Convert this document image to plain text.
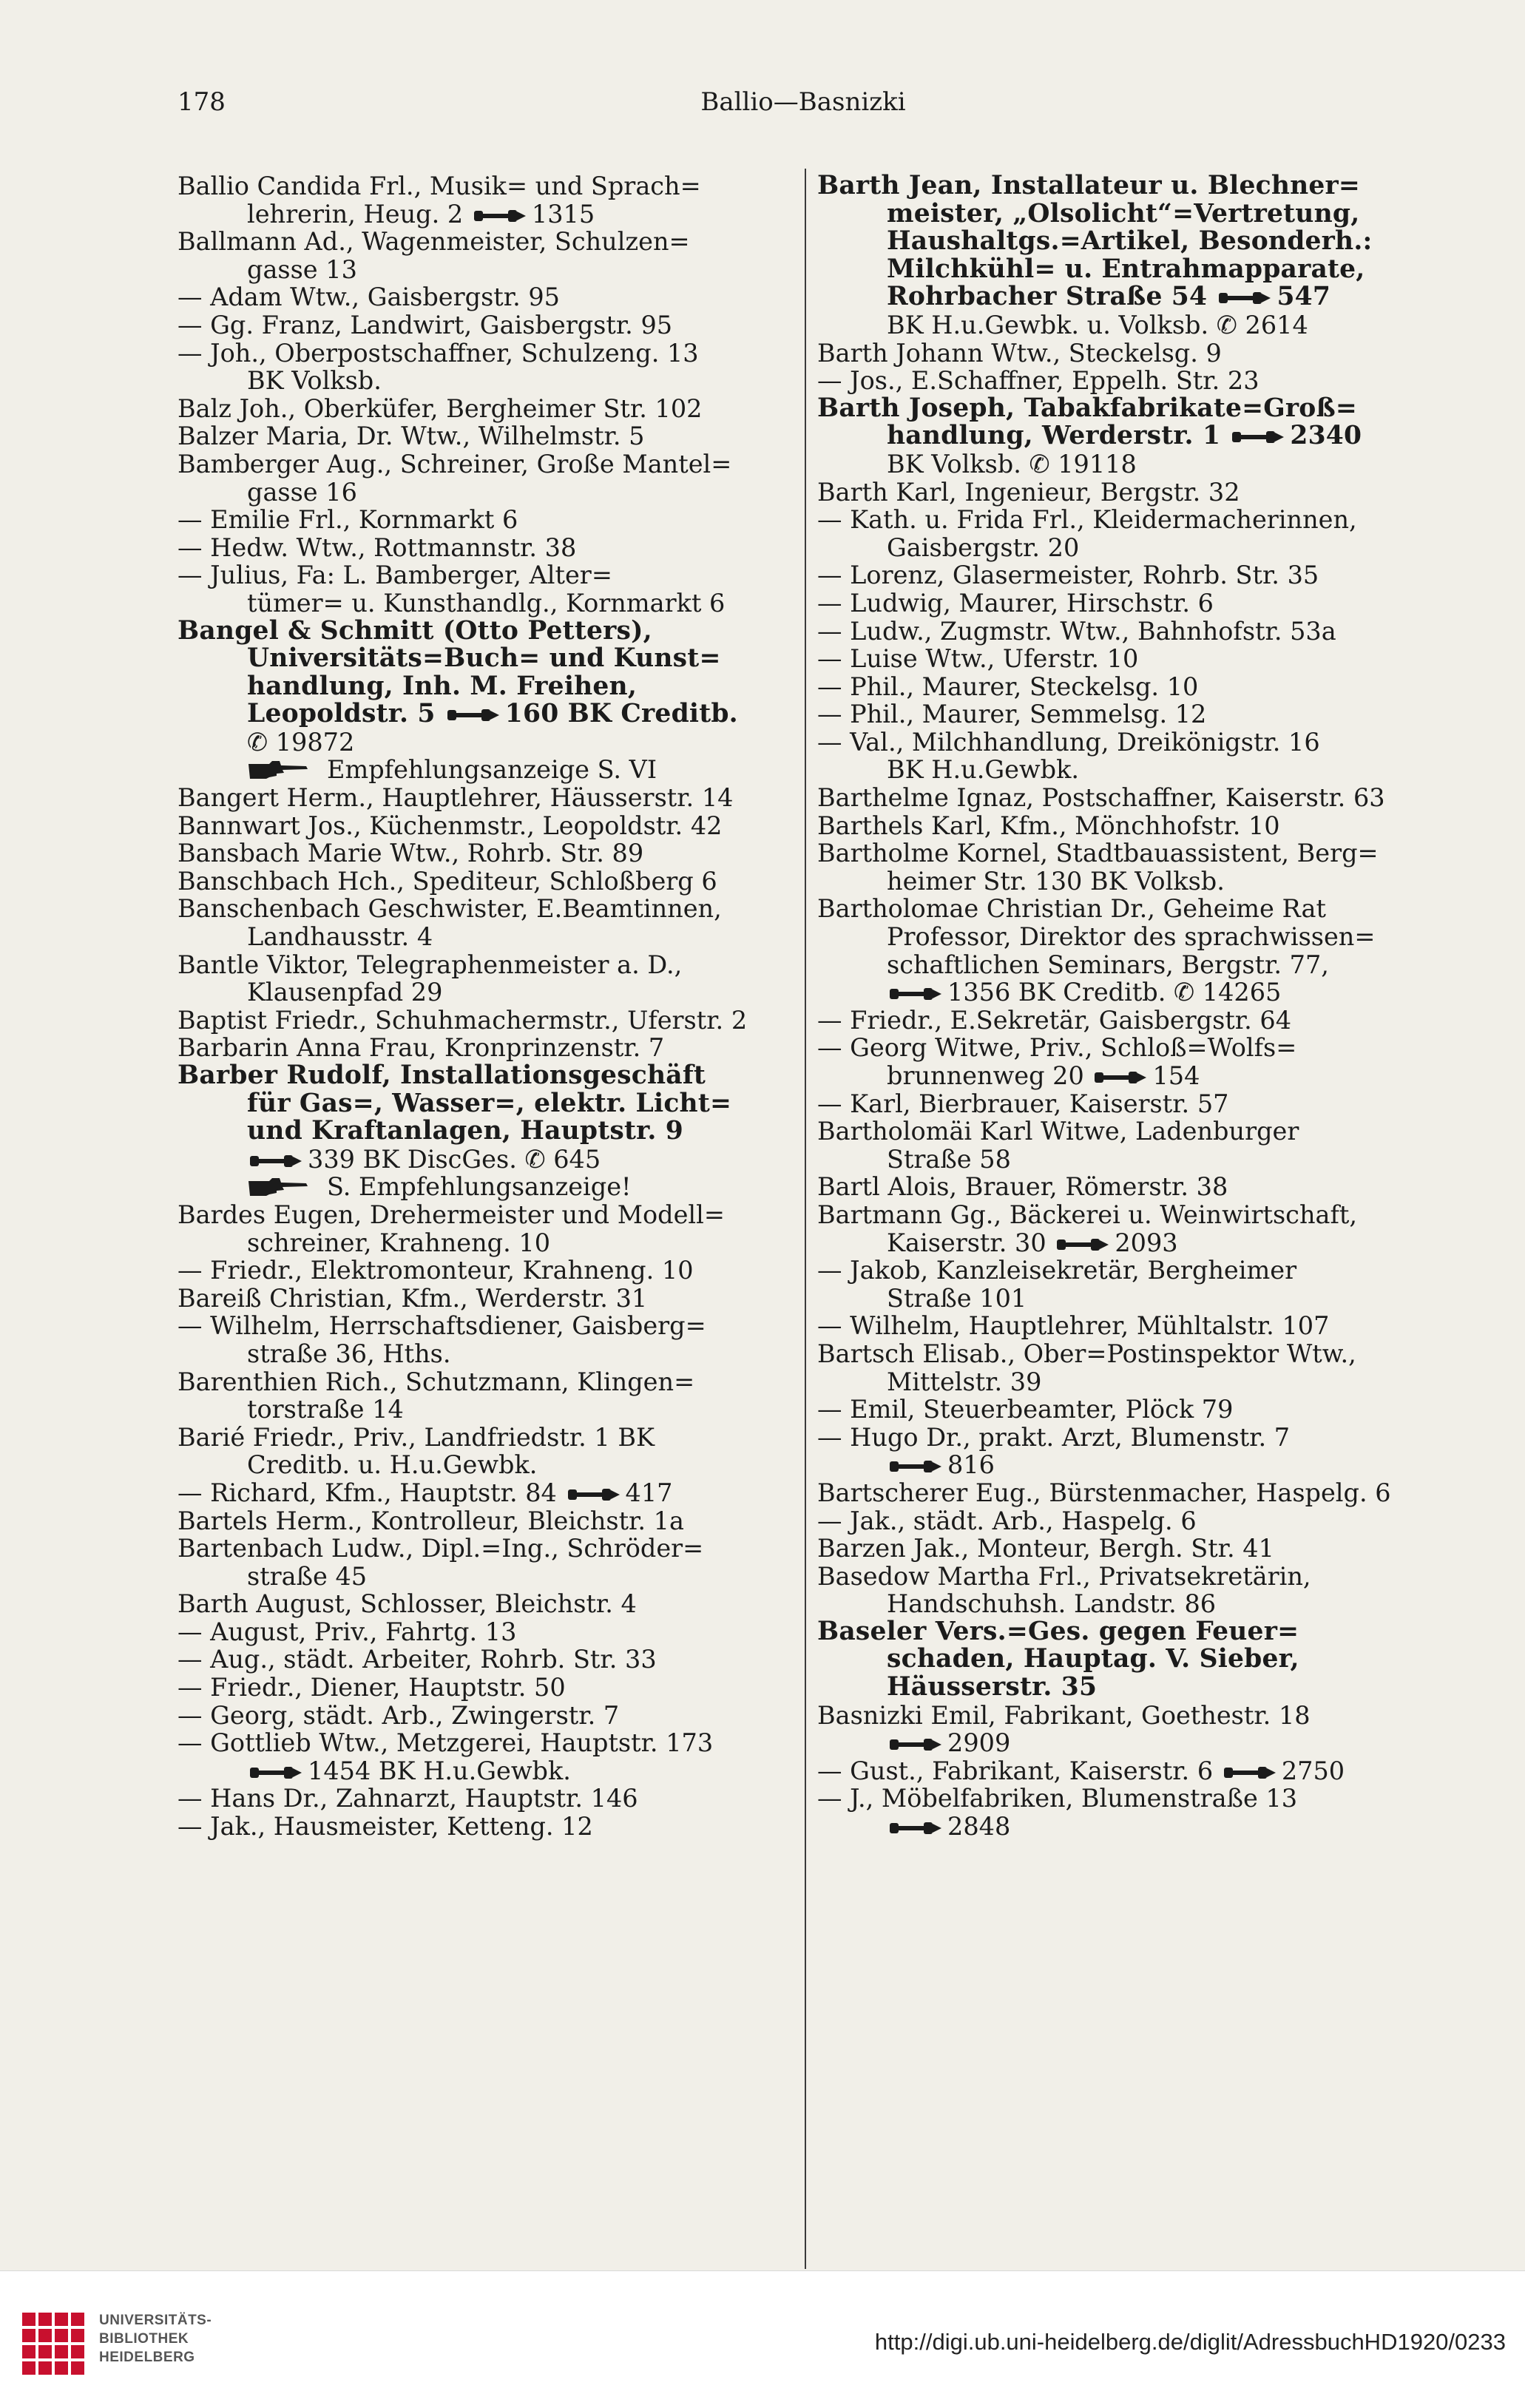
178	Ballio—Basnizki
Ballio Candida Frl., Musik= und Sprach=
lehrerin, Heug. 2 1315
Ballmann Ad., Wagenmeister, Schulzen=
gasse 13
— Adam Wtw., Gaisbergstr. 95
— Gg. Franz, Landwirt, Gaisbergstr. 95
— Joh., Oberpostschaffner, Schulzeng. 13
BK Volksb.
Balz Joh., Oberküfer, Bergheimer Str. 102
Balzer Maria, Dr. Wtw., Wilhelmstr. 5
Bamberger Aug., Schreiner, Große Mantel=
gasse 16
— Emilie Frl., Kornmarkt 6
— Hedw. Wtw., Rottmannstr. 38
— Julius, Fa: L. Bamberger, Alter=
tümer= u. Kunsthandlg., Kornmarkt 6
Bangel & Schmitt (Otto Petters),
Universitäts=Buch= und Kunst=
handlung, Inh. M. Freihen,
Leopoldstr. 5 160 BK Creditb.
✆ 19872
Empfehlungsanzeige S. VI
Bangert Herm., Hauptlehrer, Häusserstr. 14
Bannwart Jos., Küchenmstr., Leopoldstr. 42
Bansbach Marie Wtw., Rohrb. Str. 89
Banschbach Hch., Spediteur, Schloßberg 6
Banschenbach Geschwister, E.Beamtinnen,
Landhausstr. 4
Bantle Viktor, Telegraphenmeister a. D.,
Klausenpfad 29
Baptist Friedr., Schuhmachermstr., Uferstr. 2
Barbarin Anna Frau, Kronprinzenstr. 7
Barber Rudolf, Installationsgeschäft
für Gas=, Wasser=, elektr. Licht=
und Kraftanlagen, Hauptstr. 9
339 BK DiscGes. ✆ 645
S. Empfehlungsanzeige!
Bardes Eugen, Drehermeister und Modell=
schreiner, Krahneng. 10
— Friedr., Elektromonteur, Krahneng. 10
Bareiß Christian, Kfm., Werderstr. 31
— Wilhelm, Herrschaftsdiener, Gaisberg=
straße 36, Hths.
Barenthien Rich., Schutzmann, Klingen=
torstraße 14
Barié Friedr., Priv., Landfriedstr. 1 BK
Creditb. u. H.u.Gewbk.
— Richard, Kfm., Hauptstr. 84 417
Bartels Herm., Kontrolleur, Bleichstr. 1a
Bartenbach Ludw., Dipl.=Ing., Schröder=
straße 45
Barth August, Schlosser, Bleichstr. 4
— August, Priv., Fahrtg. 13
— Aug., städt. Arbeiter, Rohrb. Str. 33
— Friedr., Diener, Hauptstr. 50
— Georg, städt. Arb., Zwingerstr. 7
— Gottlieb Wtw., Metzgerei, Hauptstr. 173
1454 BK H.u.Gewbk.
— Hans Dr., Zahnarzt, Hauptstr. 146
— Jak., Hausmeister, Ketteng. 12
Barth Jean, Installateur u. Blechner=
meister, „Olsolicht“=Vertretung,
Haushaltgs.=Artikel, Besonderh.:
Milchkühl= u. Entrahmapparate,
Rohrbacher Straße 54 547
BK H.u.Gewbk. u. Volksb. ✆ 2614
Barth Johann Wtw., Steckelsg. 9
— Jos., E.Schaffner, Eppelh. Str. 23
Barth Joseph, Tabakfabrikate=Groß=
handlung, Werderstr. 1 2340
BK Volksb. ✆ 19118
Barth Karl, Ingenieur, Bergstr. 32
— Kath. u. Frida Frl., Kleidermacherinnen,
Gaisbergstr. 20
— Lorenz, Glasermeister, Rohrb. Str. 35
— Ludwig, Maurer, Hirschstr. 6
— Ludw., Zugmstr. Wtw., Bahnhofstr. 53a
— Luise Wtw., Uferstr. 10
— Phil., Maurer, Steckelsg. 10
— Phil., Maurer, Semmelsg. 12
— Val., Milchhandlung, Dreikönigstr. 16
BK H.u.Gewbk.
Barthelme Ignaz, Postschaffner, Kaiserstr. 63
Barthels Karl, Kfm., Mönchhofstr. 10
Bartholme Kornel, Stadtbauassistent, Berg=
heimer Str. 130 BK Volksb.
Bartholomae Christian Dr., Geheime Rat
Professor, Direktor des sprachwissen=
schaftlichen Seminars, Bergstr. 77,
1356 BK Creditb. ✆ 14265
— Friedr., E.Sekretär, Gaisbergstr. 64
— Georg Witwe, Priv., Schloß=Wolfs=
brunnenweg 20 154
— Karl, Bierbrauer, Kaiserstr. 57
Bartholomäi Karl Witwe, Ladenburger
Straße 58
Bartl Alois, Brauer, Römerstr. 38
Bartmann Gg., Bäckerei u. Weinwirtschaft,
Kaiserstr. 30 2093
— Jakob, Kanzleisekretär, Bergheimer
Straße 101
— Wilhelm, Hauptlehrer, Mühltalstr. 107
Bartsch Elisab., Ober=Postinspektor Wtw.,
Mittelstr. 39
— Emil, Steuerbeamter, Plöck 79
— Hugo Dr., prakt. Arzt, Blumenstr. 7
816
Bartscherer Eug., Bürstenmacher, Haspelg. 6
— Jak., städt. Arb., Haspelg. 6
Barzen Jak., Monteur, Bergh. Str. 41
Basedow Martha Frl., Privatsekretärin,
Handschuhsh. Landstr. 86
Baseler Vers.=Ges. gegen Feuer=
schaden, Hauptag. V. Sieber,
Häusserstr. 35
Basnizki Emil, Fabrikant, Goethestr. 18
2909
— Gust., Fabrikant, Kaiserstr. 6 2750
— J., Möbelfabriken, Blumenstraße 13
2848
UNIVERSITÄTS-
BIBLIOTHEK
HEIDELBERG
http://digi.ub.uni-heidelberg.de/diglit/AdressbuchHD1920/0233
